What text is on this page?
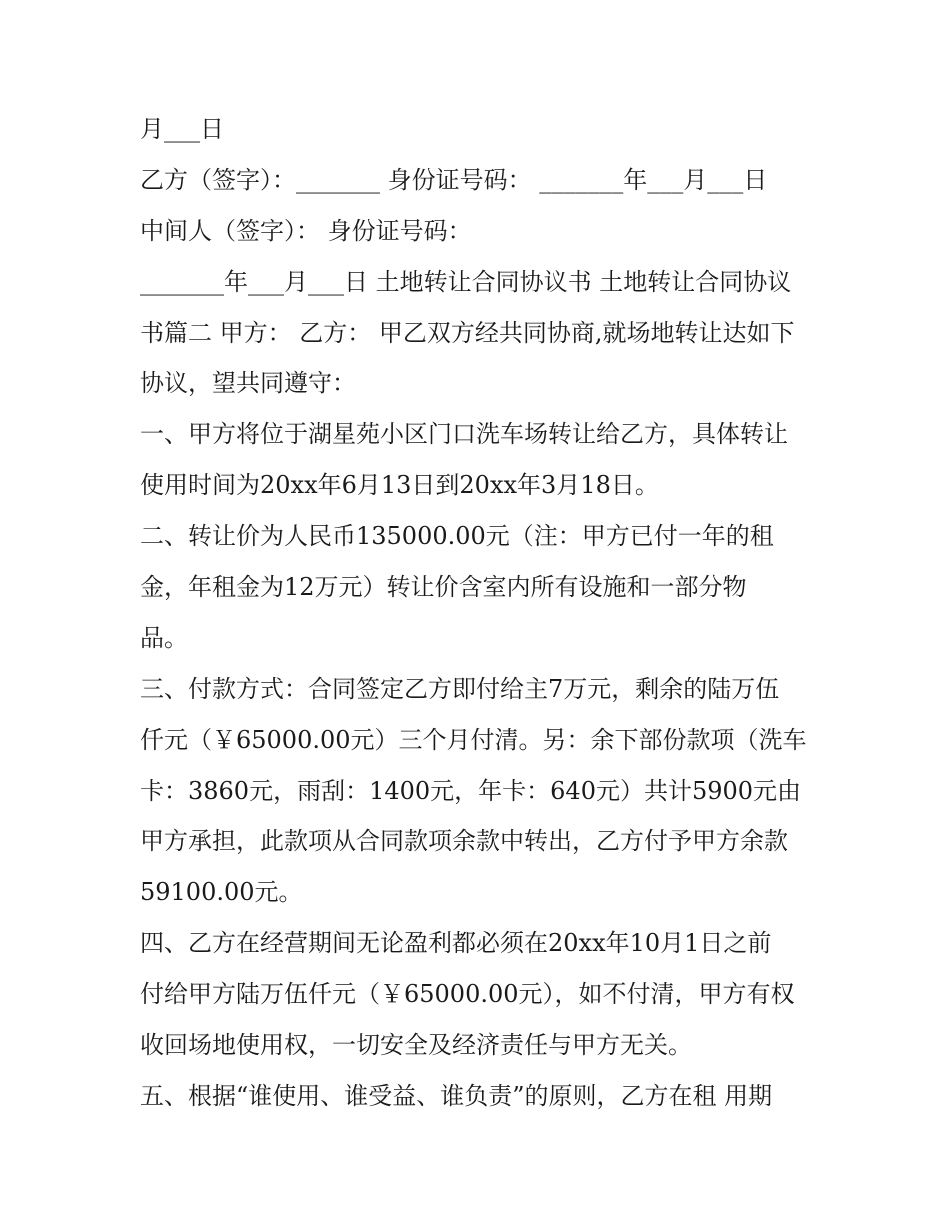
月___日
乙方（签字）：_______ 身份证号码： _______年___月___日
中间人（签字）： 身份证号码：
_______年___月___日 土地转让合同协议书 土地转让合同协议
书篇二 甲方： 乙方： 甲乙双方经共同协商,就场地转让达如下
协议，望共同遵守：
一、甲方将位于湖星苑小区门口洗车场转让给乙方，具体转让
使用时间为20xx年6月13日到20xx年3月18日。
二、转让价为人民币135000.00元（注：甲方已付一年的租
金，年租金为12万元）转让价含室内所有设施和一部分物
品。
三、付款方式：合同签定乙方即付给主7万元，剩余的陆万伍
仟元（￥65000.00元）三个月付清。另：余下部份款项（洗车
卡：3860元，雨刮：1400元，年卡：640元）共计5900元由
甲方承担，此款项从合同款项余款中转出，乙方付予甲方余款
59100.00元。
四、乙方在经营期间无论盈利都必须在20xx年10月1日之前
付给甲方陆万伍仟元（￥65000.00元），如不付清，甲方有权
收回场地使用权，一切安全及经济责任与甲方无关。
五、根据“谁使用、谁受益、谁负责”的原则，乙方在租 用期
